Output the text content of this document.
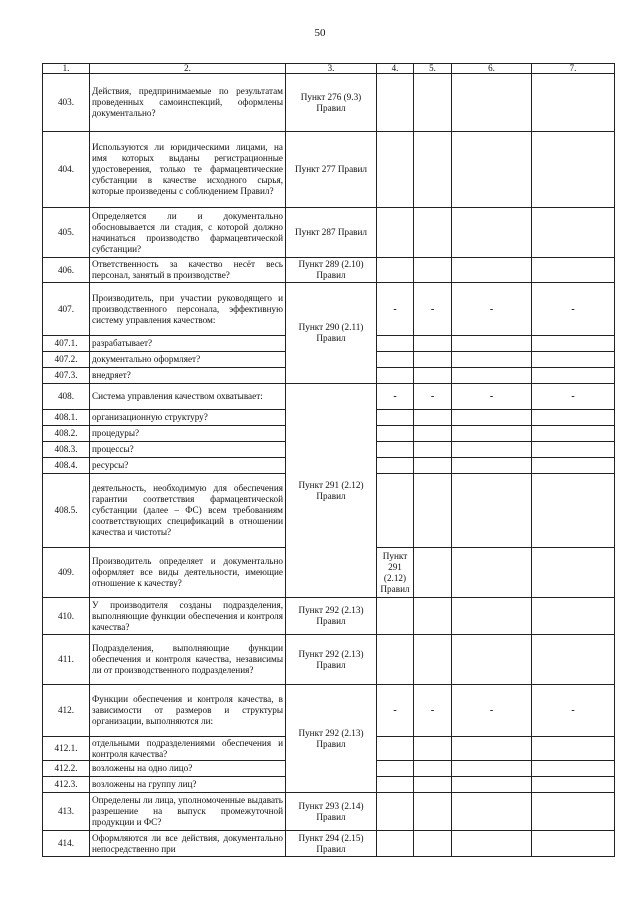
50
1.	2.	3.	4.	5.	6.	7.	
403.	Действия, предпринимаемые по результатам проведенных самоинспекций, оформлены документально?	Пункт 276 (9.3) Правил					
404.	Используются ли юридическими лицами, на имя которых выданы регистрационные удостоверения, только те фармацевтические субстанции в качестве исходного сырья, которые произведены с соблюдением Правил?	Пункт 277 Правил					
405.	Определяется ли и документально обосновывается ли стадия, с которой должно начинаться производство фармацевтической субстанции?	Пункт 287 Правил					
406.	Ответственность за качество несёт весь персонал, занятый в производстве?	Пункт 289 (2.10) Правил					
407.	Производитель, при участии руководящего и производственного персонала, эффективную систему управления качеством:	Пункт 290 (2.11) Правил	-	-	-	-	
407.1.	разрабатывает?						
407.2.	документально оформляет?						
407.3.	внедряет?						
408.	Система управления качеством охватывает:	Пункт 291 (2.12) Правил	-	-	-	-	
408.1.	организационную структуру?						
408.2.	процедуры?						
408.3.	процессы?						
408.4.	ресурсы?						
408.5.	деятельность, необходимую для обеспечения гарантии соответствия фармацевтической субстанции (далее – ФС) всем требованиям соответствующих спецификаций в отношении качества и чистоты?						
409.	Производитель определяет и документально оформляет все виды деятельности, имеющие отношение к качеству?		Пункт 291 (2.12) Правил				
410.	У производителя созданы подразделения, выполняющие функции обеспечения и контроля качества?	Пункт 292 (2.13) Правил					
411.	Подразделения, выполняющие функции обеспечения и контроля качества, независимы ли от производственного подразделения?	Пункт 292 (2.13) Правил					
412.	Функции обеспечения и контроля качества, в зависимости от размеров и структуры организации, выполняются ли:	Пункт 292 (2.13) Правил	-	-	-	-	
412.1.	отдельными подразделениями обеспечения и контроля качества?						
412.2.	возложены на одно лицо?						
412.3.	возложены на группу лиц?						
413.	Определены ли лица, уполномоченные выдавать разрешение на выпуск промежуточной продукции и ФС?	Пункт 293 (2.14) Правил					
414.	Оформляются ли все действия, документально непосредственно при	Пункт 294 (2.15) Правил					
